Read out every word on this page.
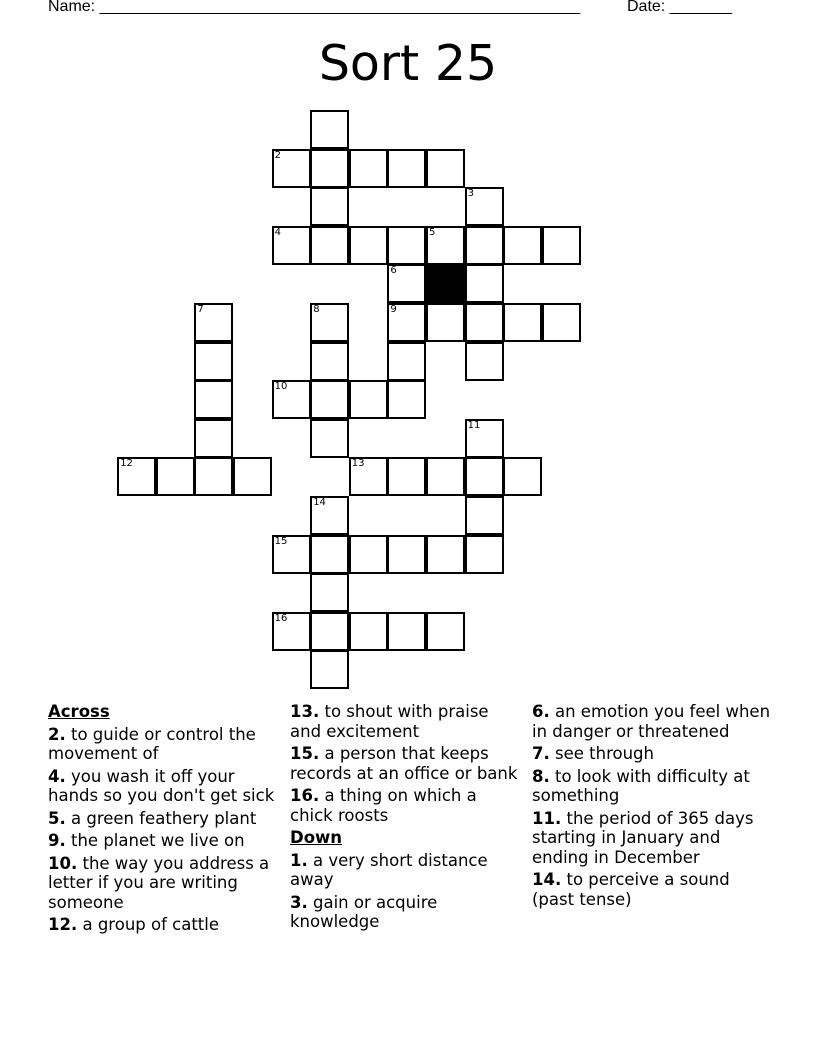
Name: ______________________________________________________	Date: _______
Sort 25
2
3
4	5
6
7	8	9
10
11
12	13
14
15
16
Across
2. to guide or control the movement of
4. you wash it off your hands so you don't get sick
5. a green feathery plant
9. the planet we live on
10. the way you address a letter if you are writing someone
12. a group of cattle
13. to shout with praise and excitement
15. a person that keeps records at an office or bank
16. a thing on which a chick roosts
Down
1. a very short distance away
3. gain or acquire knowledge
6. an emotion you feel when in danger or threatened
7. see through
8. to look with difficulty at something
11. the period of 365 days starting in January and ending in December
14. to perceive a sound (past tense)
